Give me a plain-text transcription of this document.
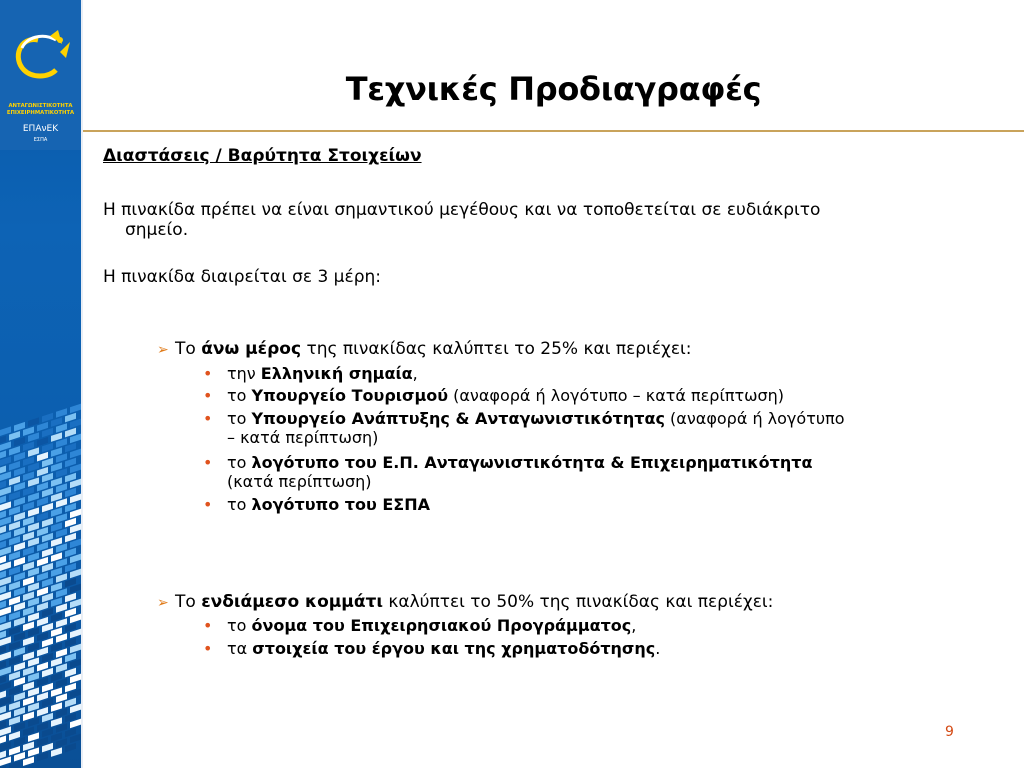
ΑΝΤΑΓΩΝΙΣΤΙΚΟΤΗΤΑ
ΕΠΙΧΕΙΡΗΜΑΤΙΚΟΤΗΤΑ
ΕΠΑνΕΚ
ΕΣΠΑ
Τεχνικές Προδιαγραφές
Διαστάσεις / Βαρύτητα Στοιχείων
Η πινακίδα πρέπει να είναι σημαντικού μεγέθους και να τοποθετείται σε ευδιάκριτο
σημείο.
Η πινακίδα διαιρείται σε 3 μέρη:
➢ Το άνω μέρος της πινακίδας καλύπτει το 25% και περιέχει:
• την Ελληνική σημαία,
• το Υπουργείο Τουρισμού (αναφορά ή λογότυπο – κατά περίπτωση)
• το Υπουργείο Ανάπτυξης & Ανταγωνιστικότητας (αναφορά ή λογότυπο
– κατά περίπτωση)
• το λογότυπο του Ε.Π. Ανταγωνιστικότητα & Επιχειρηματικότητα
(κατά περίπτωση)
• το λογότυπο του ΕΣΠΑ
➢ Το ενδιάμεσο κομμάτι καλύπτει το 50% της πινακίδας και περιέχει:
• το όνομα του Επιχειρησιακού Προγράμματος,
• τα στοιχεία του έργου και της χρηματοδότησης.
9
